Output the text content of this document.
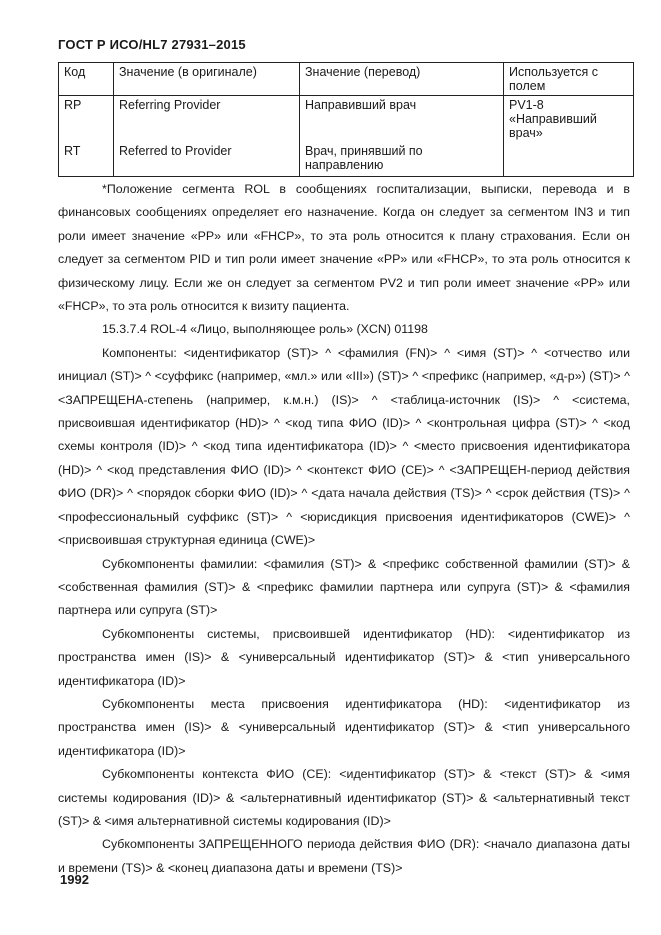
ГОСТ Р ИСО/HL7 27931–2015
Код	Значение (в оригинале)	Значение (перевод)	Используется с полем
RP	Referring Provider	Направивший врач	PV1-8 «Направивший врач»
RT	Referred to Provider	Врач, принявший по направлению	

*Положение сегмента ROL в сообщениях госпитализации, выписки, перевода и в финансовых сообщениях определяет его назначение. Когда он следует за сегментом IN3 и тип роли имеет значение «PP» или «FHCP», то эта роль относится к плану страхования. Если он следует за сегментом PID и тип роли имеет значение «PP» или «FHCP», то эта роль относится к физическому лицу. Если же он следует за сегментом PV2 и тип роли имеет значение «PP» или «FHCP», то эта роль относится к визиту пациента.

15.3.7.4 ROL-4 «Лицо, выполняющее роль» (XCN) 01198

Компоненты: <идентификатор (ST)> ^ <фамилия (FN)> ^ <имя (ST)> ^ <отчество или инициал (ST)> ^ <суффикс (например, «мл.» или «III») (ST)> ^ <префикс (например, «д-р») (ST)> ^ <ЗАПРЕЩЕНА-степень (например, к.м.н.) (IS)> ^ <таблица-источник (IS)> ^ <система, присвоившая идентификатор (HD)> ^ <код типа ФИО (ID)> ^ <контрольная цифра (ST)> ^ <код схемы контроля (ID)> ^ <код типа идентификатора (ID)> ^ <место присвоения идентификатора (HD)> ^ <код представления ФИО (ID)> ^ <контекст ФИО (CE)> ^ <ЗАПРЕЩЕН-период действия ФИО (DR)> ^ <порядок сборки ФИО (ID)> ^ <дата начала действия (TS)> ^ <срок действия (TS)> ^ <профессиональный суффикс (ST)> ^ <юрисдикция присвоения идентификаторов (CWE)> ^ <присвоившая структурная единица (CWE)>

Субкомпоненты фамилии: <фамилия (ST)> & <префикс собственной фамилии (ST)> & <собственная фамилия (ST)> & <префикс фамилии партнера или супруга (ST)> & <фамилия партнера или супруга (ST)>

Субкомпоненты системы, присвоившей идентификатор (HD): <идентификатор из пространства имен (IS)> & <универсальный идентификатор (ST)> & <тип универсального идентификатора (ID)>

Субкомпоненты места присвоения идентификатора (HD): <идентификатор из пространства имен (IS)> & <универсальный идентификатор (ST)> & <тип универсального идентификатора (ID)>

Субкомпоненты контекста ФИО (CE): <идентификатор (ST)> & <текст (ST)> & <имя системы кодирования (ID)> & <альтернативный идентификатор (ST)> & <альтернативный текст (ST)> & <имя альтернативной системы кодирования (ID)>

Субкомпоненты ЗАПРЕЩЕННОГО периода действия ФИО (DR): <начало диапазона даты и времени (TS)> & <конец диапазона даты и времени (TS)>

1992
